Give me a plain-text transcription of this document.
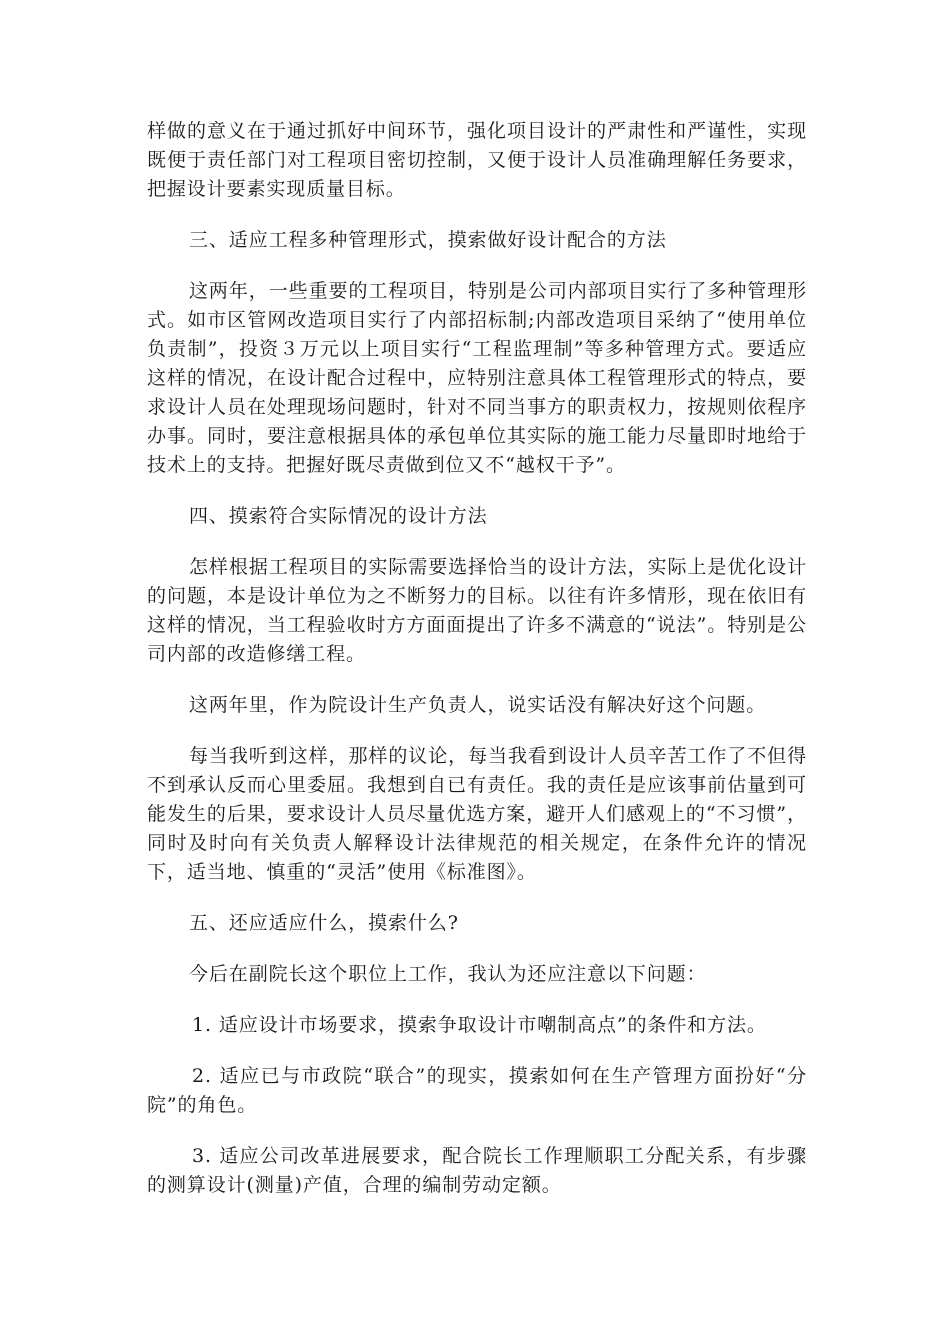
样做的意义在于通过抓好中间环节，强化项目设计的严肃性和严谨性，实现既便于责任部门对工程项目密切控制，又便于设计人员准确理解任务要求，把握设计要素实现质量目标。

三、适应工程多种管理形式，摸索做好设计配合的方法

这两年，一些重要的工程项目，特别是公司内部项目实行了多种管理形式。如市区管网改造项目实行了内部招标制;内部改造项目采纳了“使用单位负责制”，投资３万元以上项目实行“工程监理制”等多种管理方式。要适应这样的情况，在设计配合过程中，应特别注意具体工程管理形式的特点，要求设计人员在处理现场问题时，针对不同当事方的职责权力，按规则依程序办事。同时，要注意根据具体的承包单位其实际的施工能力尽量即时地给于技术上的支持。把握好既尽责做到位又不“越权干予”。

四、摸索符合实际情况的设计方法

怎样根据工程项目的实际需要选择恰当的设计方法，实际上是优化设计的问题，本是设计单位为之不断努力的目标。以往有许多情形，现在依旧有这样的情况，当工程验收时方方面面提出了许多不满意的“说法”。特别是公司内部的改造修缮工程。

这两年里，作为院设计生产负责人，说实话没有解决好这个问题。

每当我听到这样，那样的议论，每当我看到设计人员辛苦工作了不但得不到承认反而心里委屈。我想到自已有责任。我的责任是应该事前估量到可能发生的后果，要求设计人员尽量优选方案，避开人们感观上的“不习惯”，同时及时向有关负责人解释设计法律规范的相关规定，在条件允许的情况下，适当地、慎重的“灵活”使用《标准图》。

五、还应适应什么，摸索什么?

今后在副院长这个职位上工作，我认为还应注意以下问题：

1. 适应设计市场要求，摸索争取设计市嘲制高点”的条件和方法。

2. 适应已与市政院“联合”的现实，摸索如何在生产管理方面扮好“分院”的角色。

3. 适应公司改革进展要求，配合院长工作理顺职工分配关系，有步骤的测算设计(测量)产值，合理的编制劳动定额。
